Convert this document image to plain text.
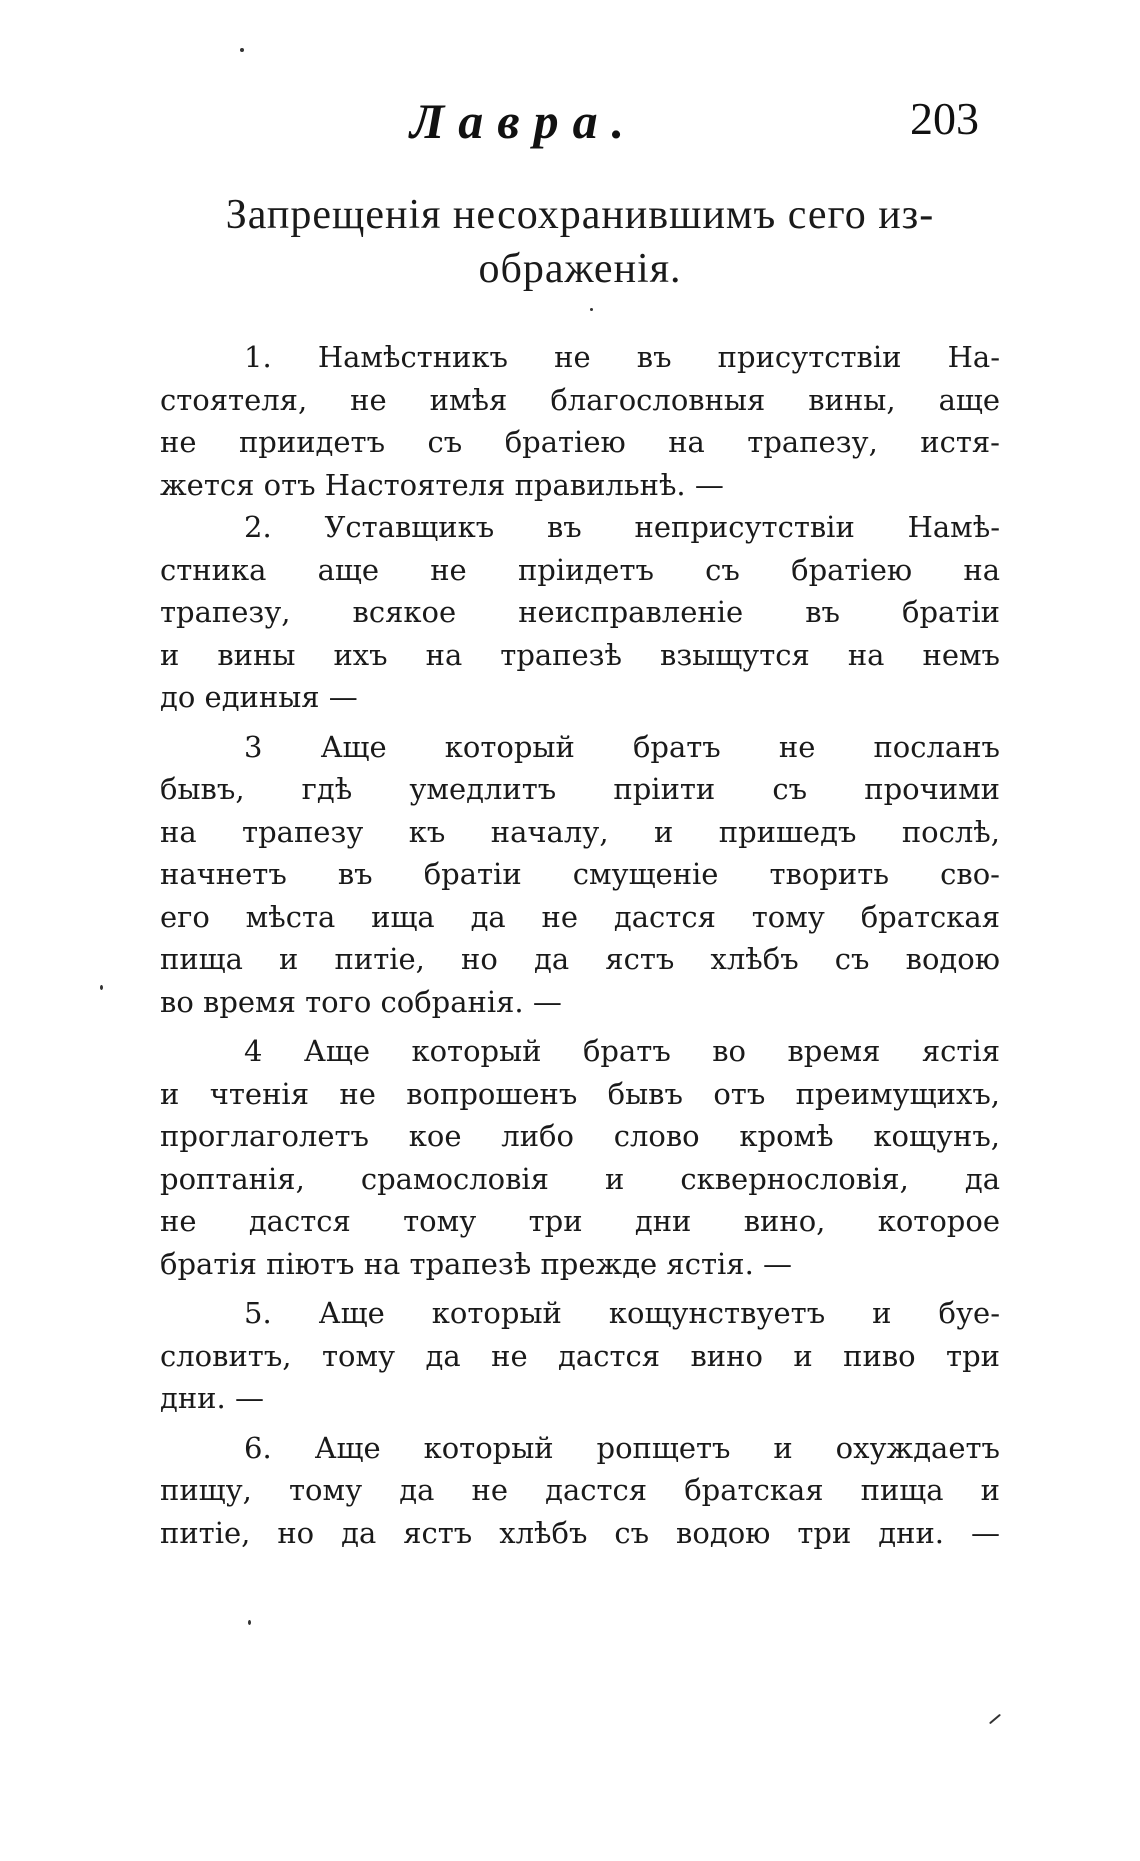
Лавра.	203
Запрещенія несохранившимъ сего из-
ображенія.

1. Намѣстникъ не въ присутствіи На-
стоятеля, не имѣя благословныя вины, аще
не приидетъ съ братіею на трапезу, истя-
жется отъ Настоятеля правильнѣ. —

2. Уставщикъ въ неприсутствіи Намѣ-
стника аще не пріидетъ съ братіею на
трапезу, всякое неисправленіе въ братіи
и вины ихъ на трапезѣ взыщутся на немъ
до единыя —

3 Аще который братъ не посланъ
бывъ, гдѣ умедлитъ пріити съ прочими
на трапезу къ началу, и пришедъ послѣ,
начнетъ въ братіи смущеніе творить сво-
его мѣста ища да не дастся тому братская
пища и питіе, но да ястъ хлѣбъ съ водою
во время того собранія. —

4 Аще который братъ во время ястія
и чтенія не вопрошенъ бывъ отъ преимущихъ,
проглаголетъ кое либо слово кромѣ кощунъ,
роптанія, срамословія и сквернословія, да
не дастся тому три дни вино, которое
братія піютъ на трапезѣ прежде ястія. —

5. Аще который кощунствуетъ и буе-
словитъ, тому да не дастся вино и пиво три
дни. —

6. Аще который ропщетъ и охуждаетъ
пищу, тому да не дастся братская пища и
питіе, но да ястъ хлѣбъ съ водою три дни. —
